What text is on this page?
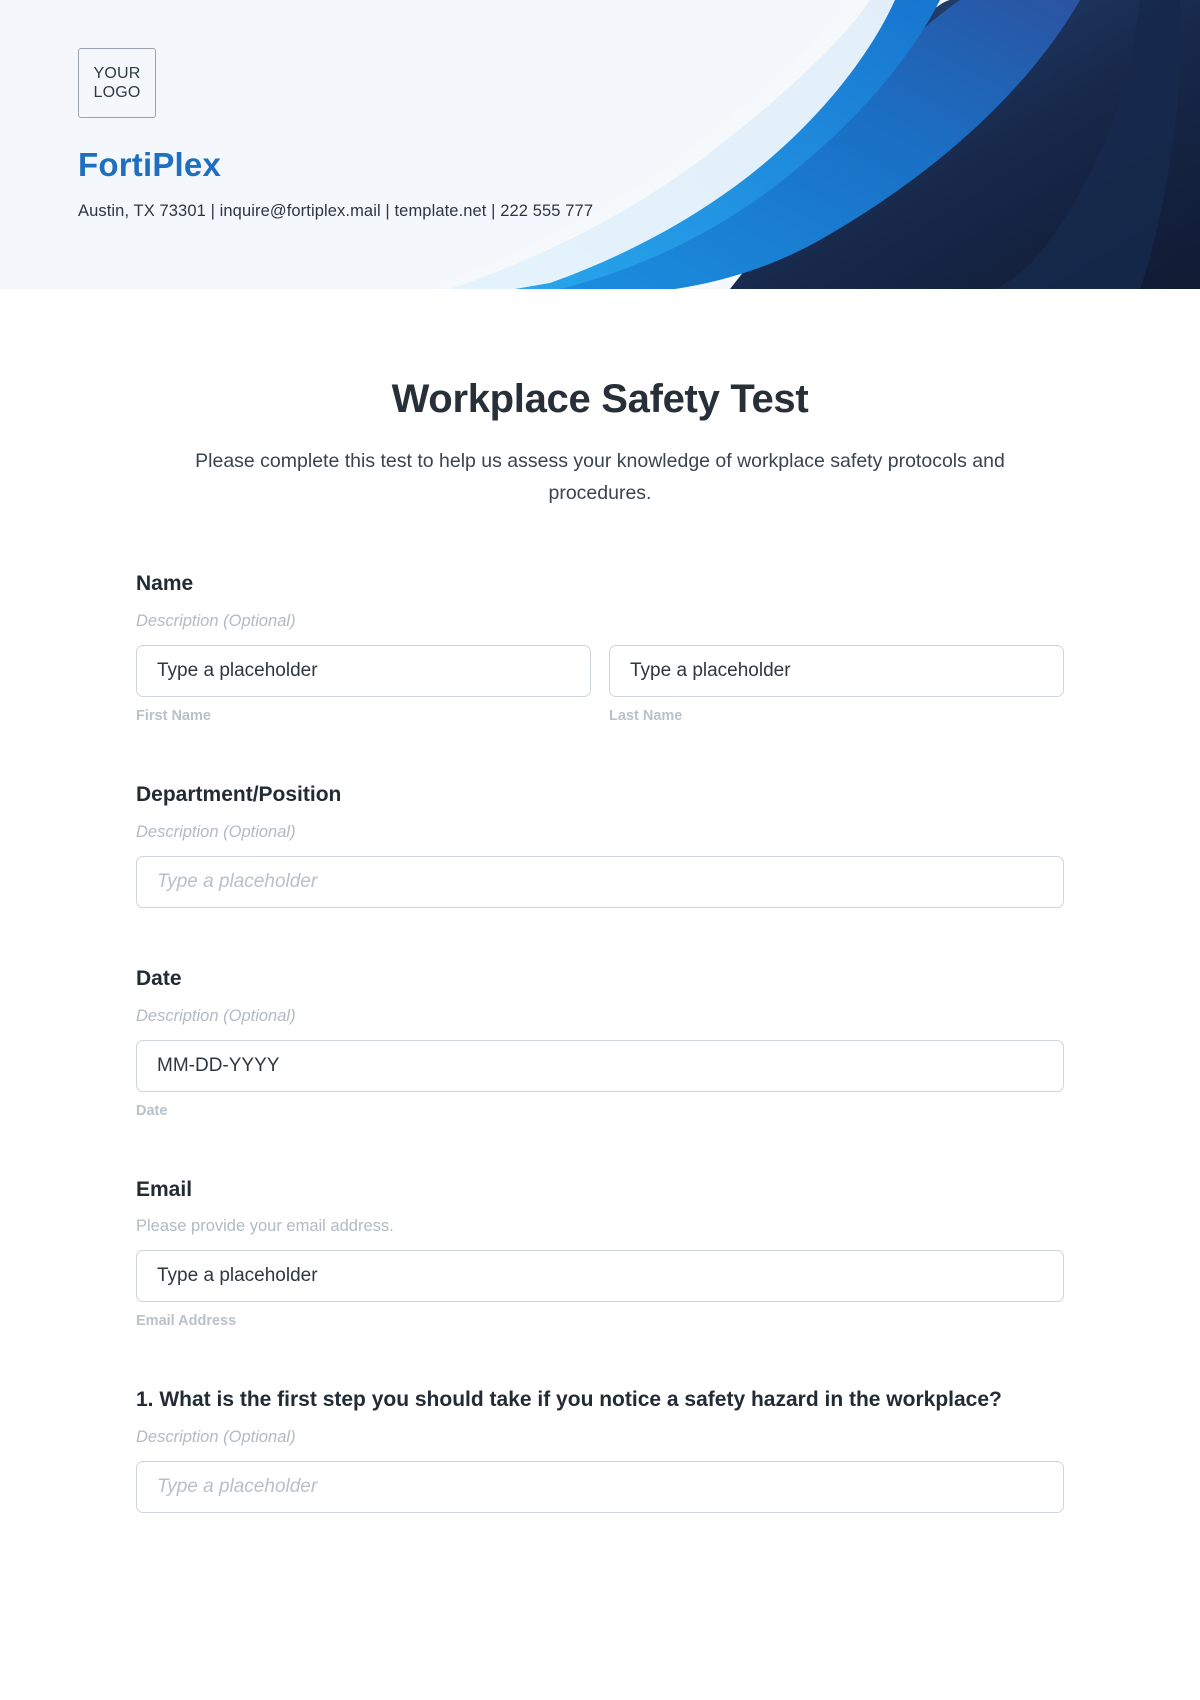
YOUR
LOGO
FortiPlex
Austin, TX 73301 | inquire@fortiplex.mail | template.net | 222 555 777
Workplace Safety Test
Please complete this test to help us assess your knowledge of workplace safety protocols and procedures.
Name
Description (Optional)
Type a placeholder	Type a placeholder
First Name	Last Name
Department/Position
Description (Optional)
Type a placeholder
Date
Description (Optional)
MM-DD-YYYY
Date
Email
Please provide your email address.
Type a placeholder
Email Address
1. What is the first step you should take if you notice a safety hazard in the workplace?
Description (Optional)
Type a placeholder
